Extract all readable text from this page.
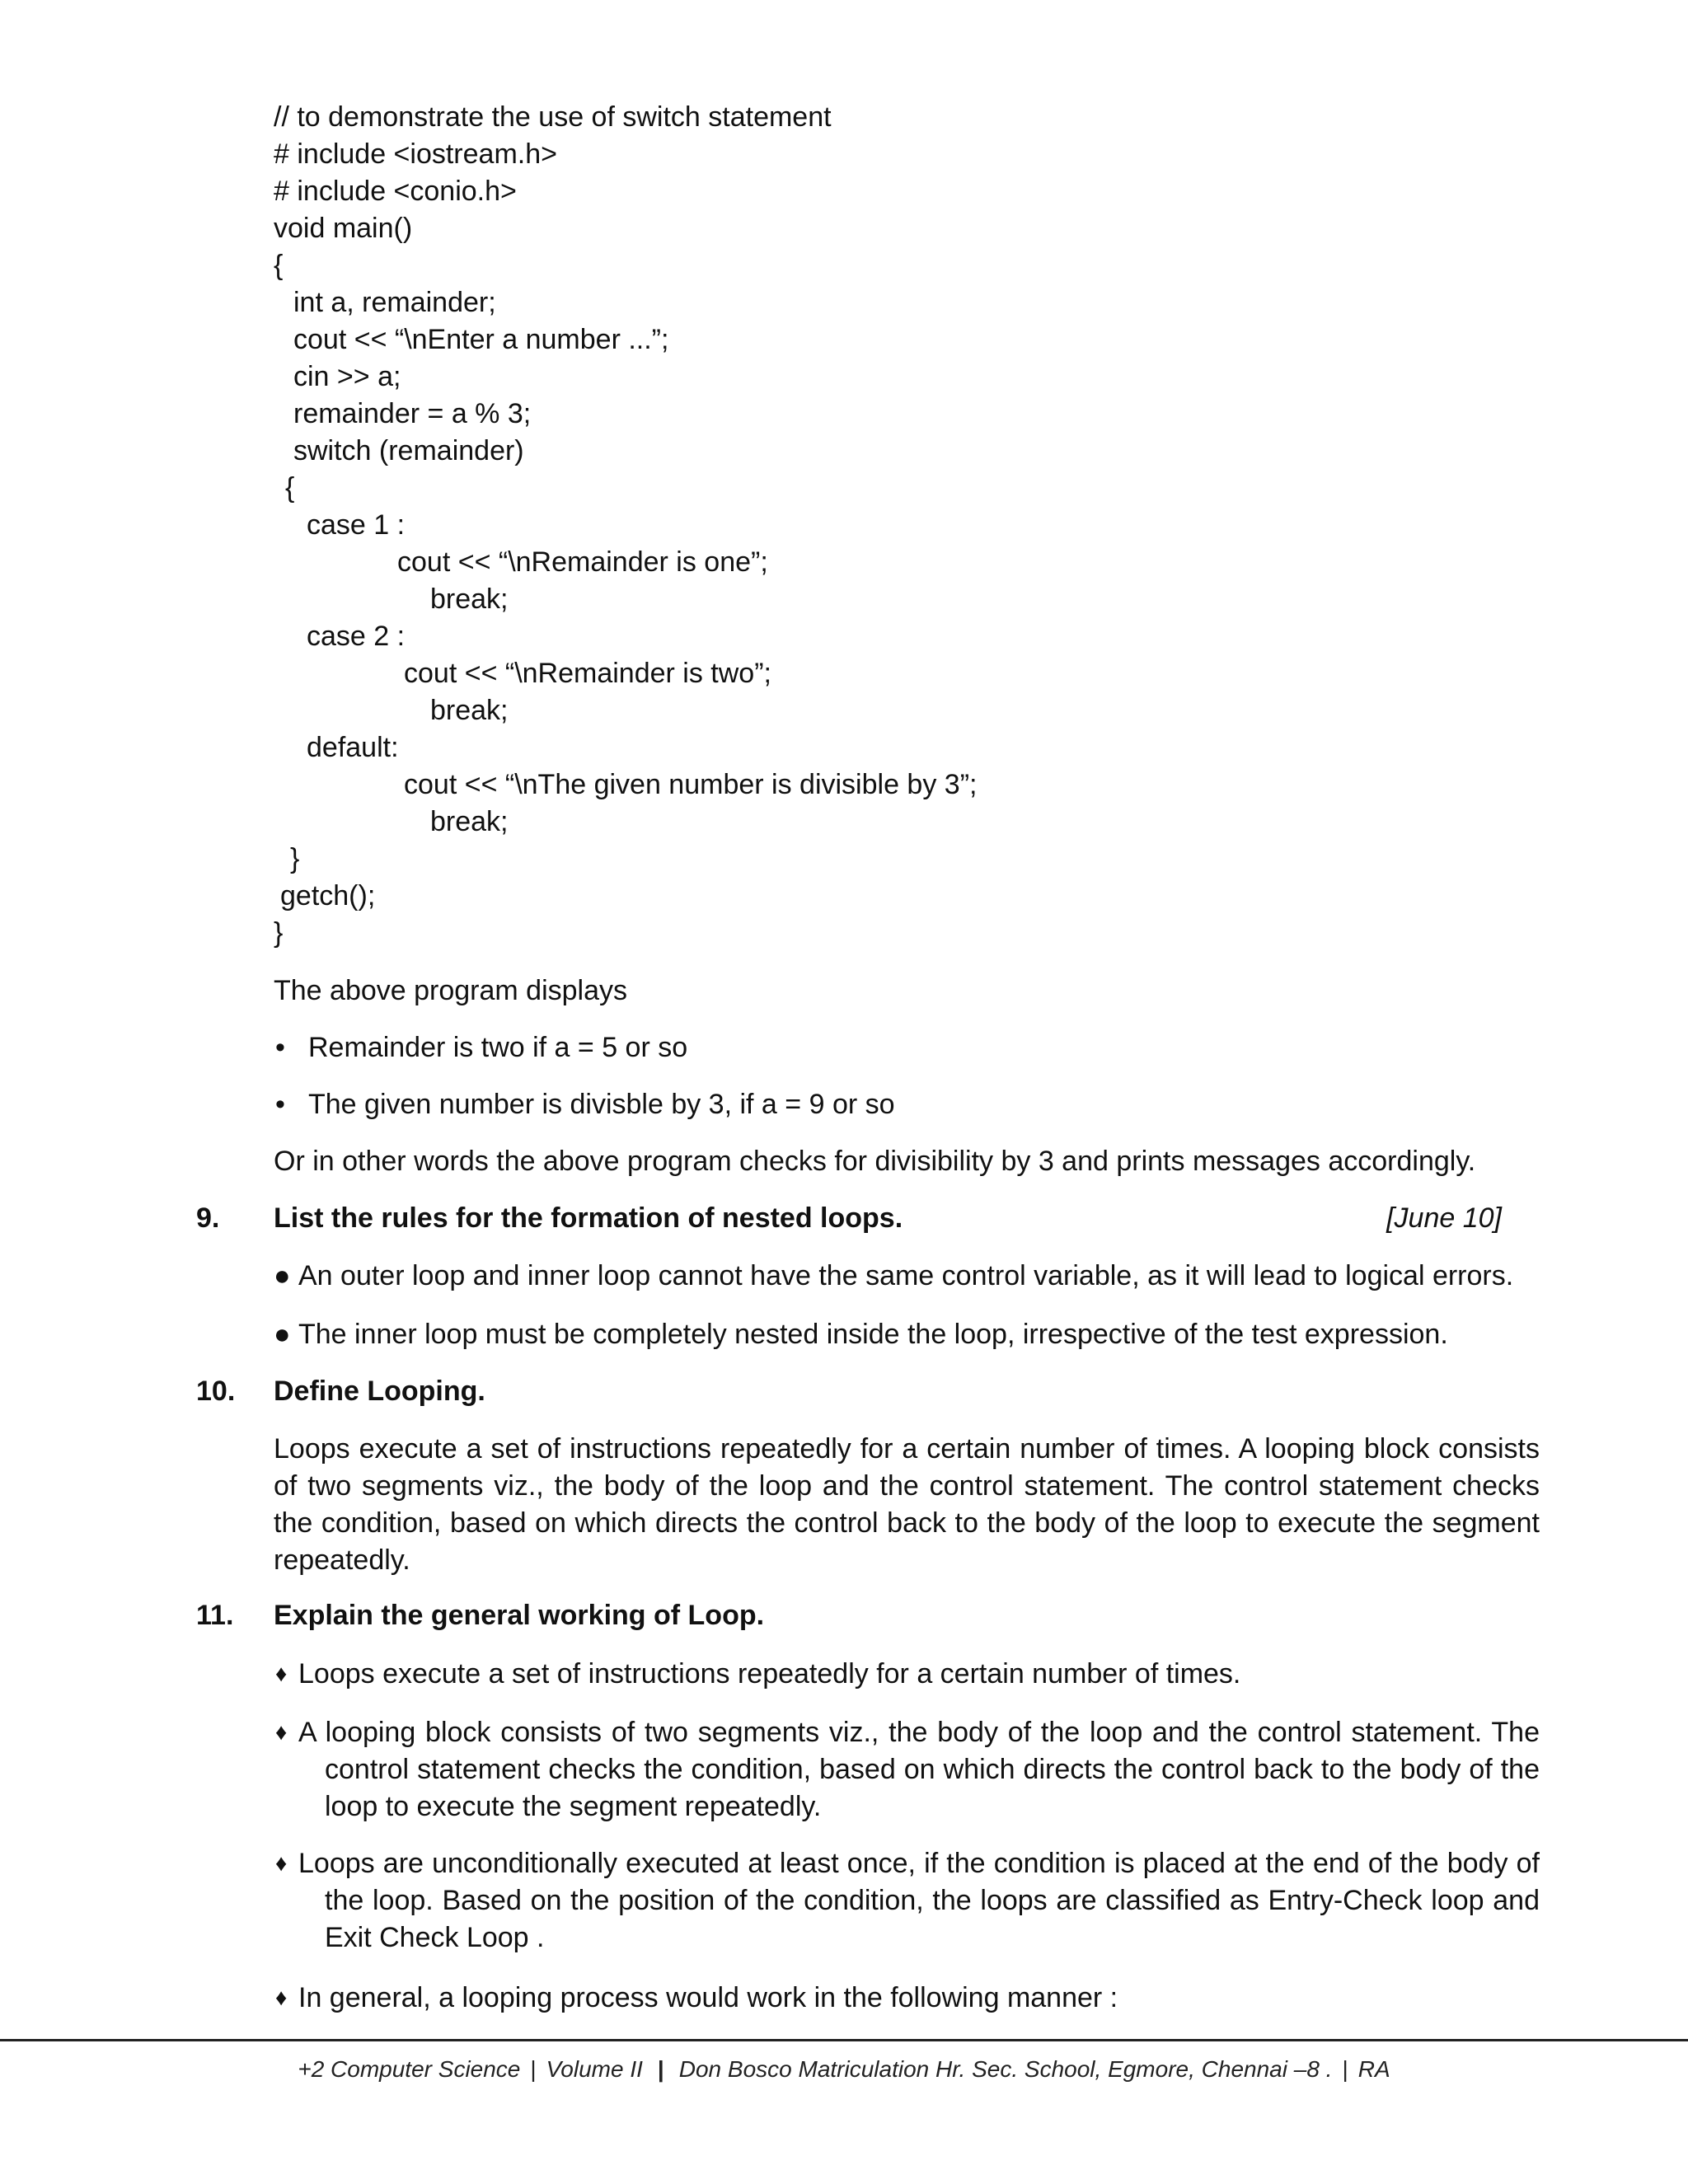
// to demonstrate the use of switch statement
# include <iostream.h>
# include <conio.h>
void main()
{
int a, remainder;
cout << “\nEnter a number ...”;
cin >> a;
remainder = a % 3;
switch (remainder)
{
case 1 :
cout << “\nRemainder is one”;
break;
case 2 :
cout << “\nRemainder is two”;
break;
default:
cout << “\nThe given number is divisible by 3”;
break;
}
getch();
}
The above program displays
• Remainder is two if a = 5 or so
• The given number is divisble by 3, if a = 9 or so
Or in other words the above program checks for divisibility by 3 and prints messages accordingly.
9. List the rules for the formation of nested loops.	[June 10]
● An outer loop and inner loop cannot have the same control variable, as it will lead to logical errors.
● The inner loop must be completely nested inside the loop, irrespective of the test expression.
10. Define Looping.
Loops execute a set of instructions repeatedly for a certain number of times. A looping block consists of two segments viz., the body of the loop and the control statement. The control statement checks the condition, based on which directs the control back to the body of the loop to execute the segment repeatedly.
11. Explain the general working of Loop.
♦ Loops execute a set of instructions repeatedly for a certain number of times.
♦ A looping block consists of two segments viz., the body of the loop and the control statement. The control statement checks the condition, based on which directs the control back to the body of the loop to execute the segment repeatedly.
♦ Loops are unconditionally executed at least once, if the condition is placed at the end of the body of the loop. Based on the position of the condition, the loops are classified as Entry-Check loop and Exit Check Loop .
♦ In general, a looping process would work in the following manner :
+2 Computer Science | Volume II | Don Bosco Matriculation Hr. Sec. School, Egmore, Chennai –8 . | RA
